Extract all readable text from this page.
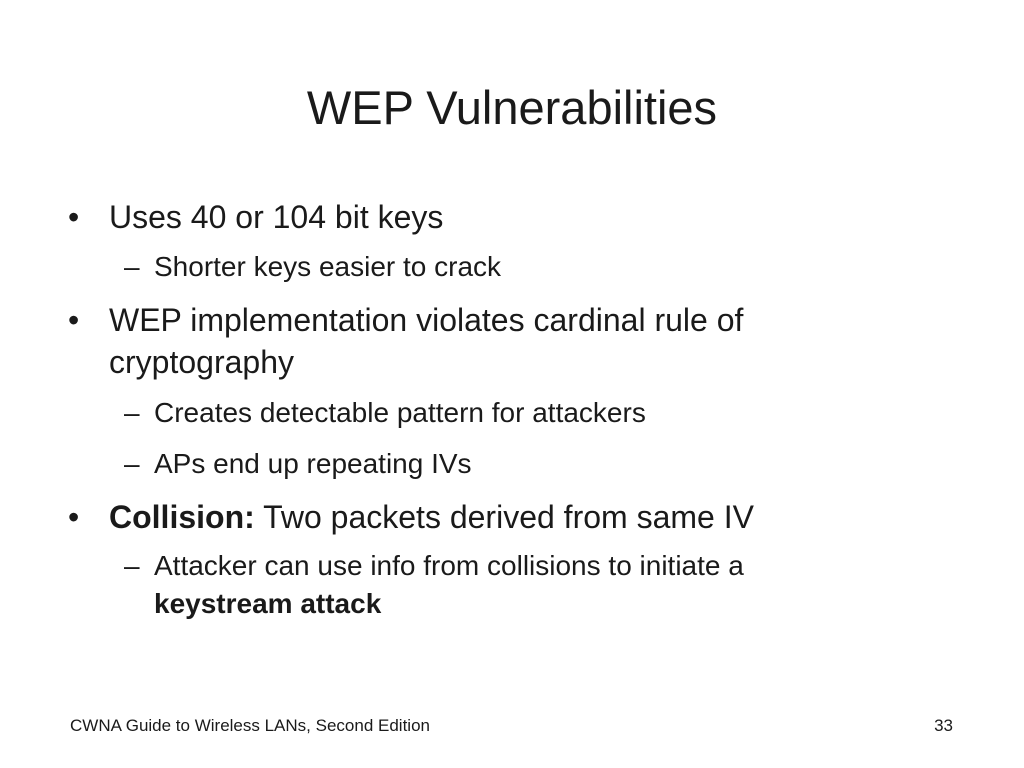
WEP Vulnerabilities
• Uses 40 or 104 bit keys
– Shorter keys easier to crack
• WEP implementation violates cardinal rule of cryptography
– Creates detectable pattern for attackers
– APs end up repeating IVs
• Collision: Two packets derived from same IV
– Attacker can use info from collisions to initiate a
keystream attack
CWNA Guide to Wireless LANs, Second Edition	33
